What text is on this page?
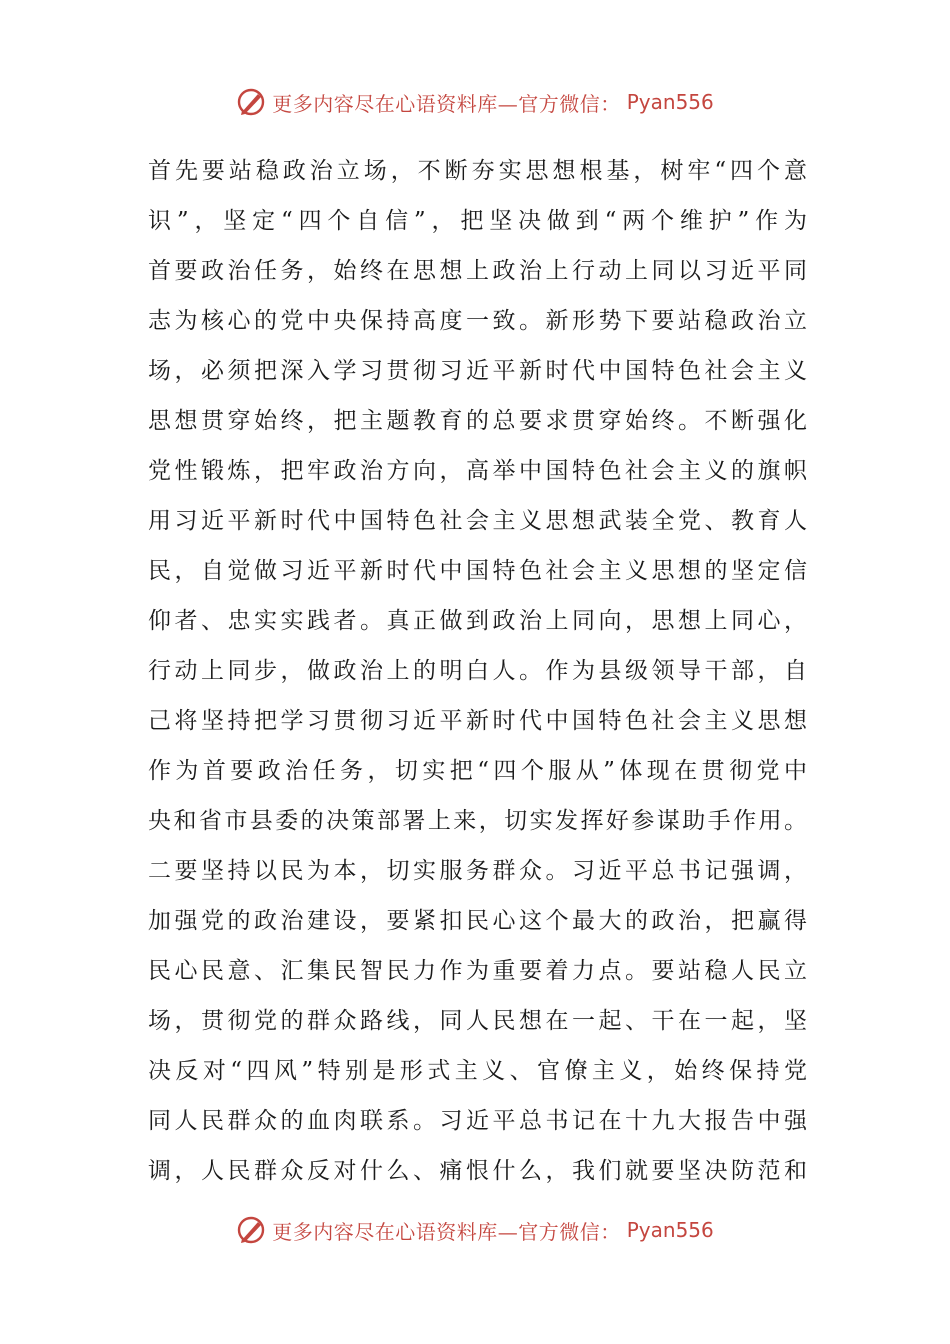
更多内容尽在心语资料库—官方微信： Pyan556
首先要站稳政治立场，不断夯实思想根基，树牢“四个意
识”，坚定“四个自信”，把坚决做到“两个维护”作为
首要政治任务，始终在思想上政治上行动上同以习近平同
志为核心的党中央保持高度一致。新形势下要站稳政治立
场，必须把深入学习贯彻习近平新时代中国特色社会主义
思想贯穿始终，把主题教育的总要求贯穿始终。不断强化
党性锻炼，把牢政治方向，高举中国特色社会主义的旗帜
用习近平新时代中国特色社会主义思想武装全党、教育人
民，自觉做习近平新时代中国特色社会主义思想的坚定信
仰者、忠实实践者。真正做到政治上同向，思想上同心，
行动上同步，做政治上的明白人。作为县级领导干部，自
己将坚持把学习贯彻习近平新时代中国特色社会主义思想
作为首要政治任务，切实把“四个服从”体现在贯彻党中
央和省市县委的决策部署上来，切实发挥好参谋助手作用。
二要坚持以民为本，切实服务群众。习近平总书记强调，
加强党的政治建设，要紧扣民心这个最大的政治，把赢得
民心民意、汇集民智民力作为重要着力点。要站稳人民立
场，贯彻党的群众路线，同人民想在一起、干在一起，坚
决反对“四风”特别是形式主义、官僚主义，始终保持党
同人民群众的血肉联系。习近平总书记在十九大报告中强
调，人民群众反对什么、痛恨什么，我们就要坚决防范和
更多内容尽在心语资料库—官方微信： Pyan556
